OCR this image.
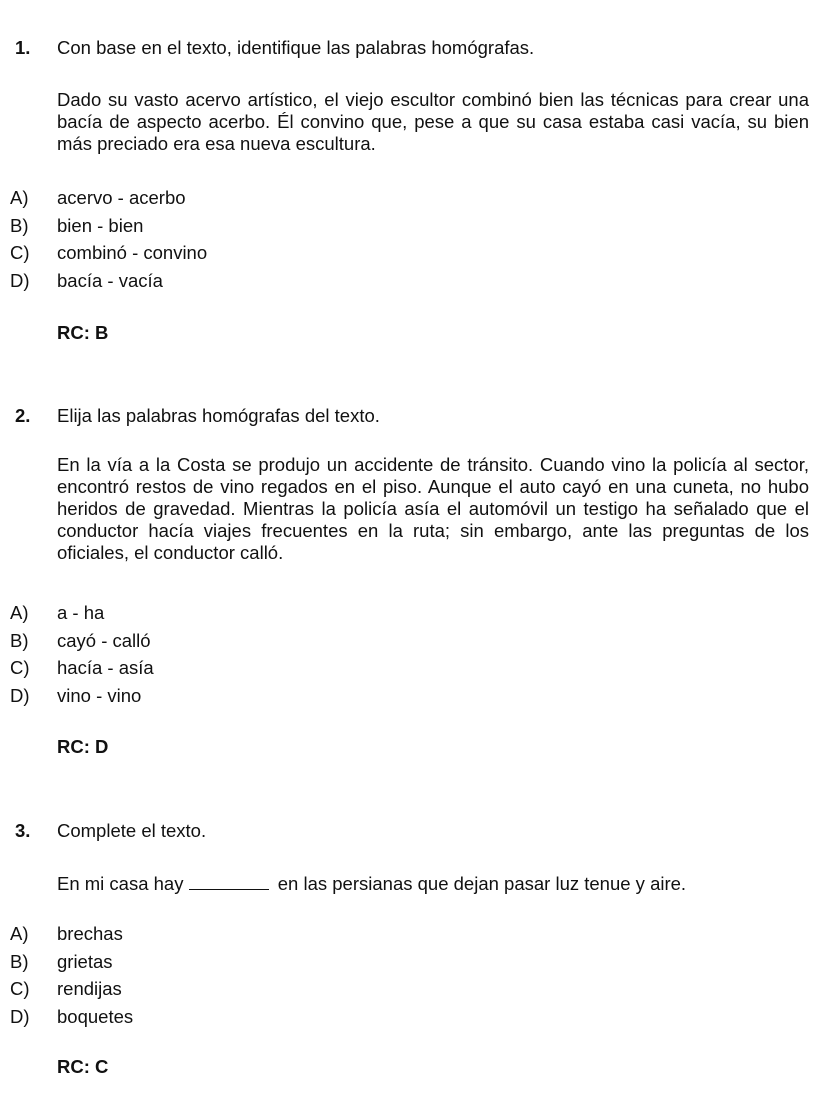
1. Con base en el texto, identifique las palabras homógrafas.

Dado su vasto acervo artístico, el viejo escultor combinó bien las técnicas para crear una bacía de aspecto acerbo. Él convino que, pese a que su casa estaba casi vacía, su bien más preciado era esa nueva escultura.

A) acervo - acerbo
B) bien - bien
C) combinó - convino
D) bacía - vacía
RC: B
2. Elija las palabras homógrafas del texto.

En la vía a la Costa se produjo un accidente de tránsito. Cuando vino la policía al sector, encontró restos de vino regados en el piso. Aunque el auto cayó en una cuneta, no hubo heridos de gravedad. Mientras la policía asía el automóvil un testigo ha señalado que el conductor hacía viajes frecuentes en la ruta; sin embargo, ante las preguntas de los oficiales, el conductor calló.

A) a - ha
B) cayó - calló
C) hacía - asía
D) vino - vino
RC: D
3. Complete el texto.
En mi casa hay	en las persianas que dejan pasar luz tenue y aire.
A) brechas
B) grietas
C) rendijas
D) boquetes
RC: C
